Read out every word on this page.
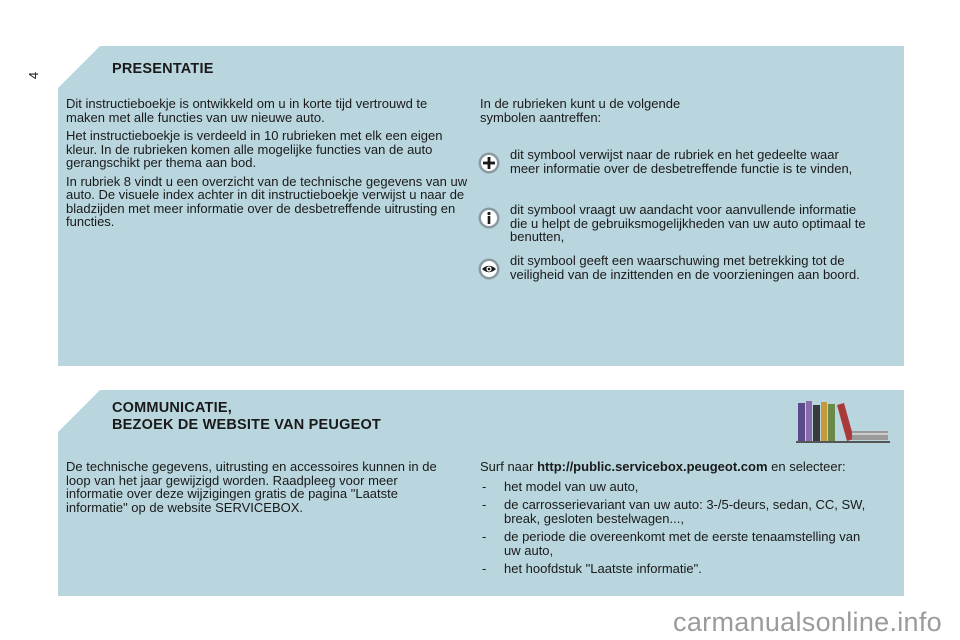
4	PRESENTATIE

Dit instructieboekje is ontwikkeld om u in korte tijd vertrouwd te maken met alle functies van uw nieuwe auto.

Het instructieboekje is verdeeld in 10 rubrieken met elk een eigen kleur. In de rubrieken komen alle mogelijke functies van de auto gerangschikt per thema aan bod.

In rubriek 8 vindt u een overzicht van de technische gegevens van uw auto. De visuele index achter in dit instructieboekje verwijst u naar de bladzijden met meer informatie over de desbetreffende uitrusting en functies.

In de rubrieken kunt u de volgende symbolen aantreffen:

dit symbool verwijst naar de rubriek en het gedeelte waar meer informatie over de desbetreffende functie is te vinden,
dit symbool vraagt uw aandacht voor aanvullende informatie die u helpt de gebruiksmogelijkheden van uw auto optimaal te benutten,
dit symbool geeft een waarschuwing met betrekking tot de veiligheid van de inzittenden en de voorzieningen aan boord.
COMMUNICATIE,
BEZOEK DE WEBSITE VAN PEUGEOT

De technische gegevens, uitrusting en accessoires kunnen in de loop van het jaar gewijzigd worden. Raadpleeg voor meer informatie over deze wijzigingen gratis de pagina "Laatste informatie" op de website SERVICEBOX.

Surf naar http://public.servicebox.peugeot.com en selecteer:

- het model van uw auto,
- de carrosserievariant van uw auto: 3-/5-deurs, sedan, CC, SW, break, gesloten bestelwagen...,
- de periode die overeenkomt met de eerste tenaamstelling van uw auto,
- het hoofdstuk "Laatste informatie".
carmanualsonline.info
